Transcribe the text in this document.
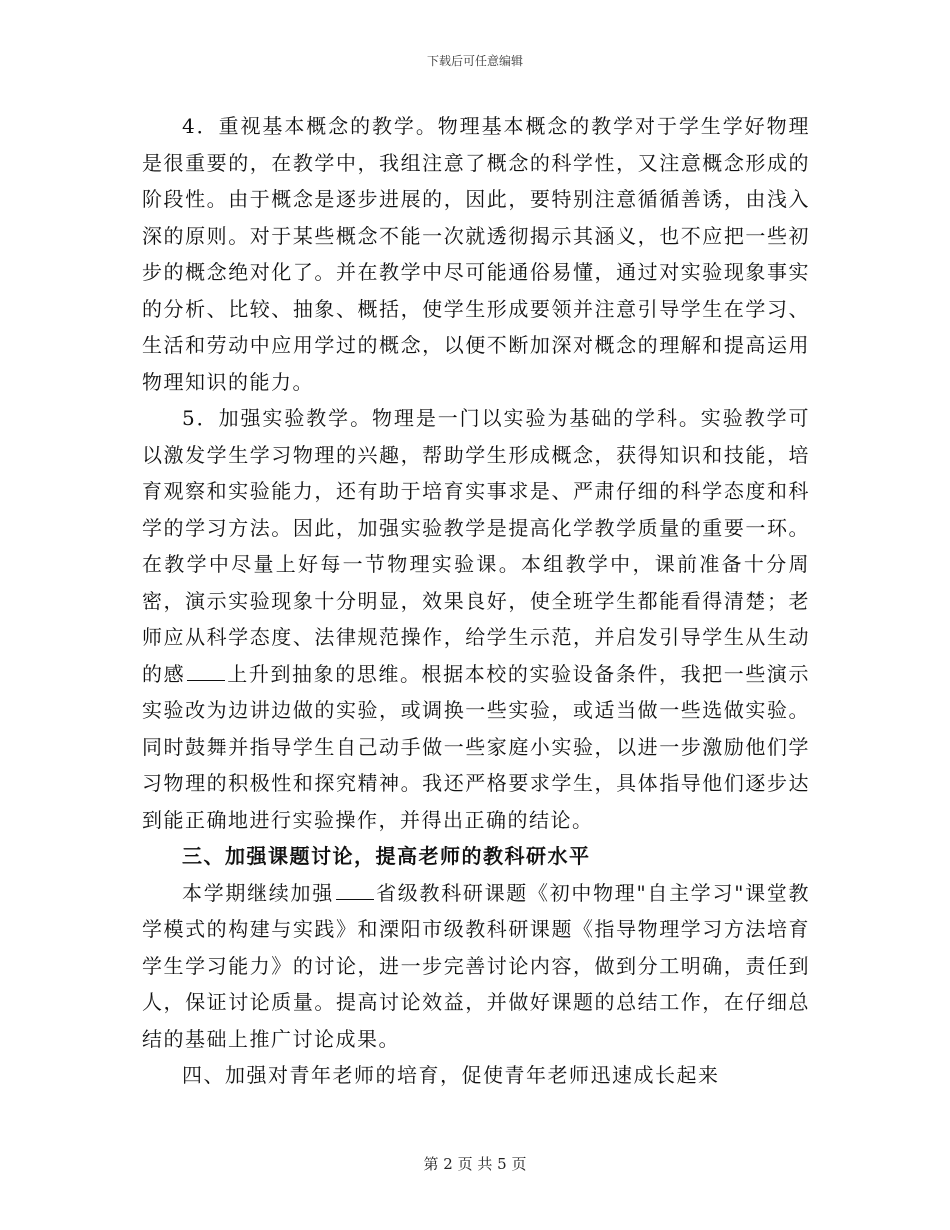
下载后可任意编辑

4．重视基本概念的教学。物理基本概念的教学对于学生学好物理是很重要的，在教学中，我组注意了概念的科学性，又注意概念形成的阶段性。由于概念是逐步进展的，因此，要特别注意循循善诱，由浅入深的原则。对于某些概念不能一次就透彻揭示其涵义，也不应把一些初步的概念绝对化了。并在教学中尽可能通俗易懂，通过对实验现象事实的分析、比较、抽象、概括，使学生形成要领并注意引导学生在学习、生活和劳动中应用学过的概念，以便不断加深对概念的理解和提高运用物理知识的能力。

5．加强实验教学。物理是一门以实验为基础的学科。实验教学可以激发学生学习物理的兴趣，帮助学生形成概念，获得知识和技能，培育观察和实验能力，还有助于培育实事求是、严肃仔细的科学态度和科学的学习方法。因此，加强实验教学是提高化学教学质量的重要一环。在教学中尽量上好每一节物理实验课。本组教学中，课前准备十分周密，演示实验现象十分明显，效果良好，使全班学生都能看得清楚；老师应从科学态度、法律规范操作，给学生示范，并启发引导学生从生动的感 上升到抽象的思维。根据本校的实验设备条件，我把一些演示实验改为边讲边做的实验，或调换一些实验，或适当做一些选做实验。同时鼓舞并指导学生自己动手做一些家庭小实验，以进一步激励他们学习物理的积极性和探究精神。我还严格要求学生，具体指导他们逐步达到能正确地进行实验操作，并得出正确的结论。

三、加强课题讨论，提高老师的教科研水平

本学期继续加强 省级教科研课题《初中物理"自主学习"课堂教学模式的构建与实践》和溧阳市级教科研课题《指导物理学习方法培育学生学习能力》的讨论，进一步完善讨论内容，做到分工明确，责任到人，保证讨论质量。提高讨论效益，并做好课题的总结工作，在仔细总结的基础上推广讨论成果。

四、加强对青年老师的培育，促使青年老师迅速成长起来

第 2 页 共 5 页
